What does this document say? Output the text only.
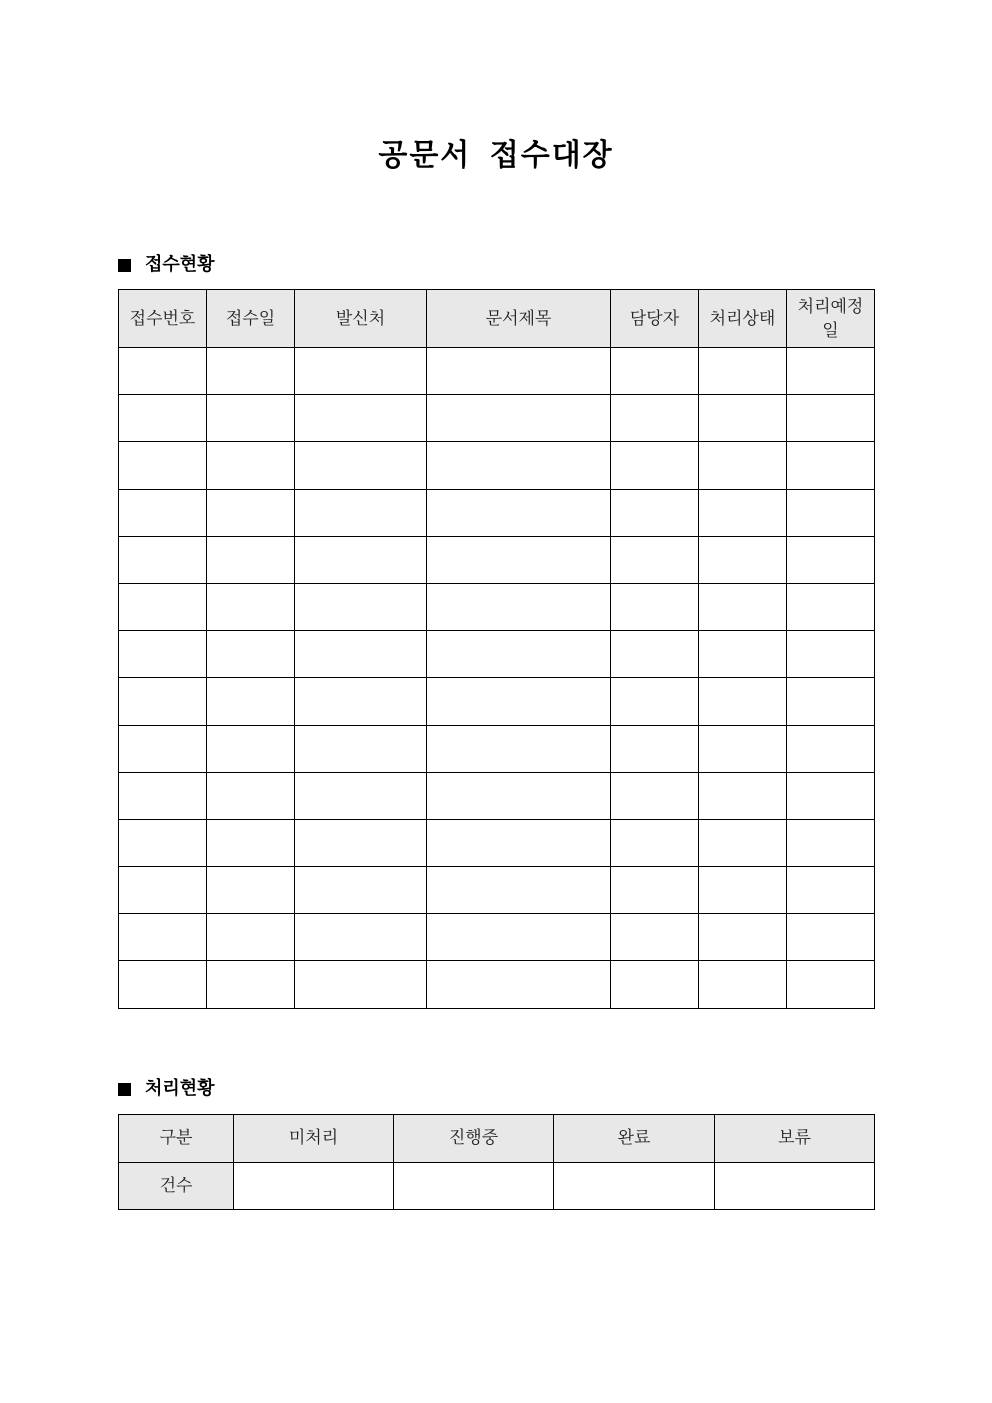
공문서 접수대장
접수현황
접수번호	접수일	발신처	문서제목	담당자	처리상태	처리예정일

처리현황
구분	미처리	진행중	완료	보류
건수				
